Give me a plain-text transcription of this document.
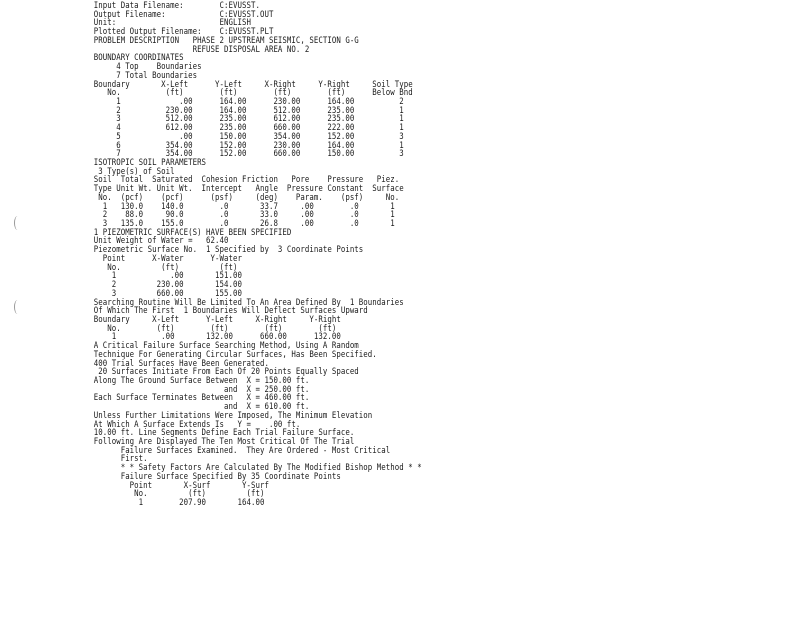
Input Data Filename:        C:EVUSST.
Output Filename:            C:EVUSST.OUT
Unit:                       ENGLISH
Plotted Output Filename:    C:EVUSST.PLT
PROBLEM DESCRIPTION   PHASE 2 UPSTREAM SEISMIC, SECTION G-G
REFUSE DISPOSAL AREA NO. 2
BOUNDARY COORDINATES
4 Top    Boundaries
7 Total Boundaries
Boundary       X-Left      Y-Left     X-Right     Y-Right     Soil Type
No.          (ft)        (ft)        (ft)        (ft)      Below Bnd
1             .00      164.00      230.00      164.00          2
2          230.00      164.00      512.00      235.00          1
3          512.00      235.00      612.00      235.00          1
4          612.00      235.00      660.00      222.00          1
5             .00      150.00      354.00      152.00          3
6          354.00      152.00      230.00      164.00          1
7          354.00      152.00      660.00      150.00          3
ISOTROPIC SOIL PARAMETERS
3 Type(s) of Soil
Soil  Total  Saturated  Cohesion Friction   Pore    Pressure   Piez.
Type Unit Wt. Unit Wt.  Intercept   Angle  Pressure Constant  Surface
No.  (pcf)    (pcf)      (psf)     (deg)    Param.    (psf)     No.
1   130.0    140.0        .0       33.7     .00        .0       1
2    88.0     90.0        .0       33.0     .00        .0       1
3   135.0    155.0        .0       26.8     .00        .0       1
1 PIEZOMETRIC SURFACE(S) HAVE BEEN SPECIFIED
Unit Weight of Water =   62.40
Piezometric Surface No.  1 Specified by  3 Coordinate Points
Point      X-Water      Y-Water
No.         (ft)         (ft)
1            .00       151.00
2         230.00       154.00
3         660.00       155.00
Searching Routine Will Be Limited To An Area Defined By  1 Boundaries
Of Which The First  1 Boundaries Will Deflect Surfaces Upward
Boundary     X-Left      Y-Left     X-Right     Y-Right
No.        (ft)        (ft)        (ft)        (ft)
1          .00       132.00      660.00      132.00
A Critical Failure Surface Searching Method, Using A Random
Technique For Generating Circular Surfaces, Has Been Specified.
400 Trial Surfaces Have Been Generated.
20 Surfaces Initiate From Each Of 20 Points Equally Spaced
Along The Ground Surface Between  X = 150.00 ft.
and  X = 250.00 ft.
Each Surface Terminates Between   X = 460.00 ft.
and  X = 610.00 ft.
Unless Further Limitations Were Imposed, The Minimum Elevation
At Which A Surface Extends Is   Y =    .00 ft.
10.00 ft. Line Segments Define Each Trial Failure Surface.
Following Are Displayed The Ten Most Critical Of The Trial
Failure Surfaces Examined.  They Are Ordered - Most Critical
First.
* * Safety Factors Are Calculated By The Modified Bishop Method * *
Failure Surface Specified By 35 Coordinate Points
Point       X-Surf       Y-Surf
No.         (ft)         (ft)
1        207.90       164.00
